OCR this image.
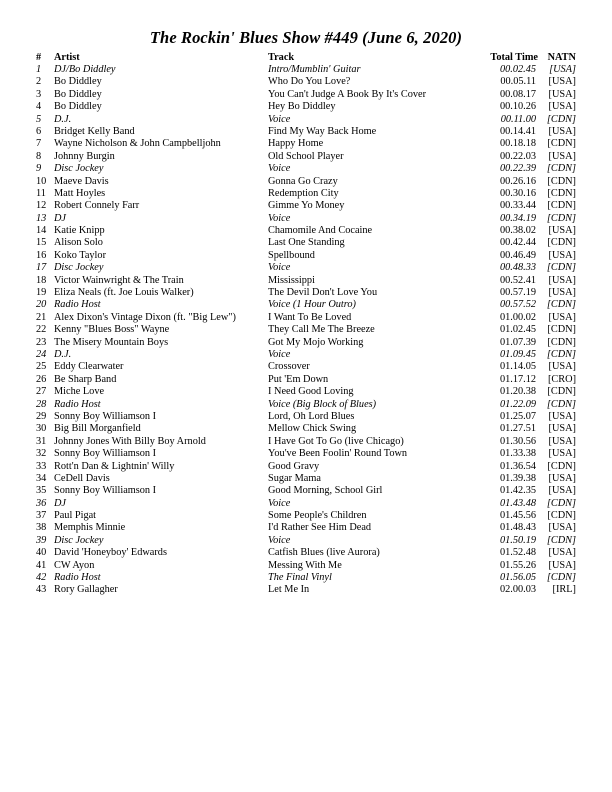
The Rockin' Blues Show #449 (June 6, 2020)
#	Artist	Track	Total Time NATN
1	DJ/Bo Diddley	Intro/Mumblin' Guitar	00.02.45	[USA]
2	Bo Diddley	Who Do You Love?	00.05.11	[USA]
3	Bo Diddley	You Can't Judge A Book By It's Cover	00.08.17	[USA]
4	Bo Diddley	Hey Bo Diddley	00.10.26	[USA]
5	D.J.	Voice	00.11.00	[CDN]
6	Bridget Kelly Band	Find My Way Back Home	00.14.41	[USA]
7	Wayne Nicholson & John Campbelljohn	Happy Home	00.18.18	[CDN]
8	Johnny Burgin	Old School Player	00.22.03	[USA]
9	Disc Jockey	Voice	00.22.39	[CDN]
10 Maeve Davis	Gonna Go Crazy	00.26.16	[CDN]
11 Matt Hoyles	Redemption City	00.30.16	[CDN]
12 Robert Connely Farr	Gimme Yo Money	00.33.44	[CDN]
13 DJ	Voice	00.34.19	[CDN]
14 Katie Knipp	Chamomile And Cocaine	00.38.02	[USA]
15 Alison Solo	Last One Standing	00.42.44	[CDN]
16 Koko Taylor	Spellbound	00.46.49	[USA]
17 Disc Jockey	Voice	00.48.33	[CDN]
18 Victor Wainwright & The Train	Mississippi	00.52.41	[USA]
19 Eliza Neals (ft. Joe Louis Walker)	The Devil Don't Love You	00.57.19	[USA]
20 Radio Host	Voice (1 Hour Outro)	00.57.52	[CDN]
21 Alex Dixon's Vintage Dixon (ft. "Big Lew")	I Want To Be Loved	01.00.02	[USA]
22 Kenny "Blues Boss" Wayne	They Call Me The Breeze	01.02.45	[CDN]
23 The Misery Mountain Boys	Got My Mojo Working	01.07.39	[CDN]
24 D.J.	Voice	01.09.45	[CDN]
25 Eddy Clearwater	Crossover	01.14.05	[USA]
26 Be Sharp Band	Put 'Em Down	01.17.12	[CRO]
27 Miche Love	I Need Good Loving	01.20.38	[CDN]
28 Radio Host	Voice (Big Block of Blues)	01.22.09	[CDN]
29 Sonny Boy Williamson I	Lord, Oh Lord Blues	01.25.07	[USA]
30 Big Bill Morganfield	Mellow Chick Swing	01.27.51	[USA]
31 Johnny Jones With Billy Boy Arnold	I Have Got To Go (live Chicago)	01.30.56	[USA]
32 Sonny Boy Williamson I	You've Been Foolin' Round Town	01.33.38	[USA]
33 Rott'n Dan & Lightnin' Willy	Good Gravy	01.36.54	[CDN]
34 CeDell Davis	Sugar Mama	01.39.38	[USA]
35 Sonny Boy Williamson I	Good Morning, School Girl	01.42.35	[USA]
36 DJ	Voice	01.43.48	[CDN]
37 Paul Pigat	Some People's Children	01.45.56	[CDN]
38 Memphis Minnie	I'd Rather See Him Dead	01.48.43	[USA]
39 Disc Jockey	Voice	01.50.19	[CDN]
40 David 'Honeyboy' Edwards	Catfish Blues (live Aurora)	01.52.48	[USA]
41 CW Ayon	Messing With Me	01.55.26	[USA]
42 Radio Host	The Final Vinyl	01.56.05	[CDN]
43 Rory Gallagher	Let Me In	02.00.03	[IRL]
